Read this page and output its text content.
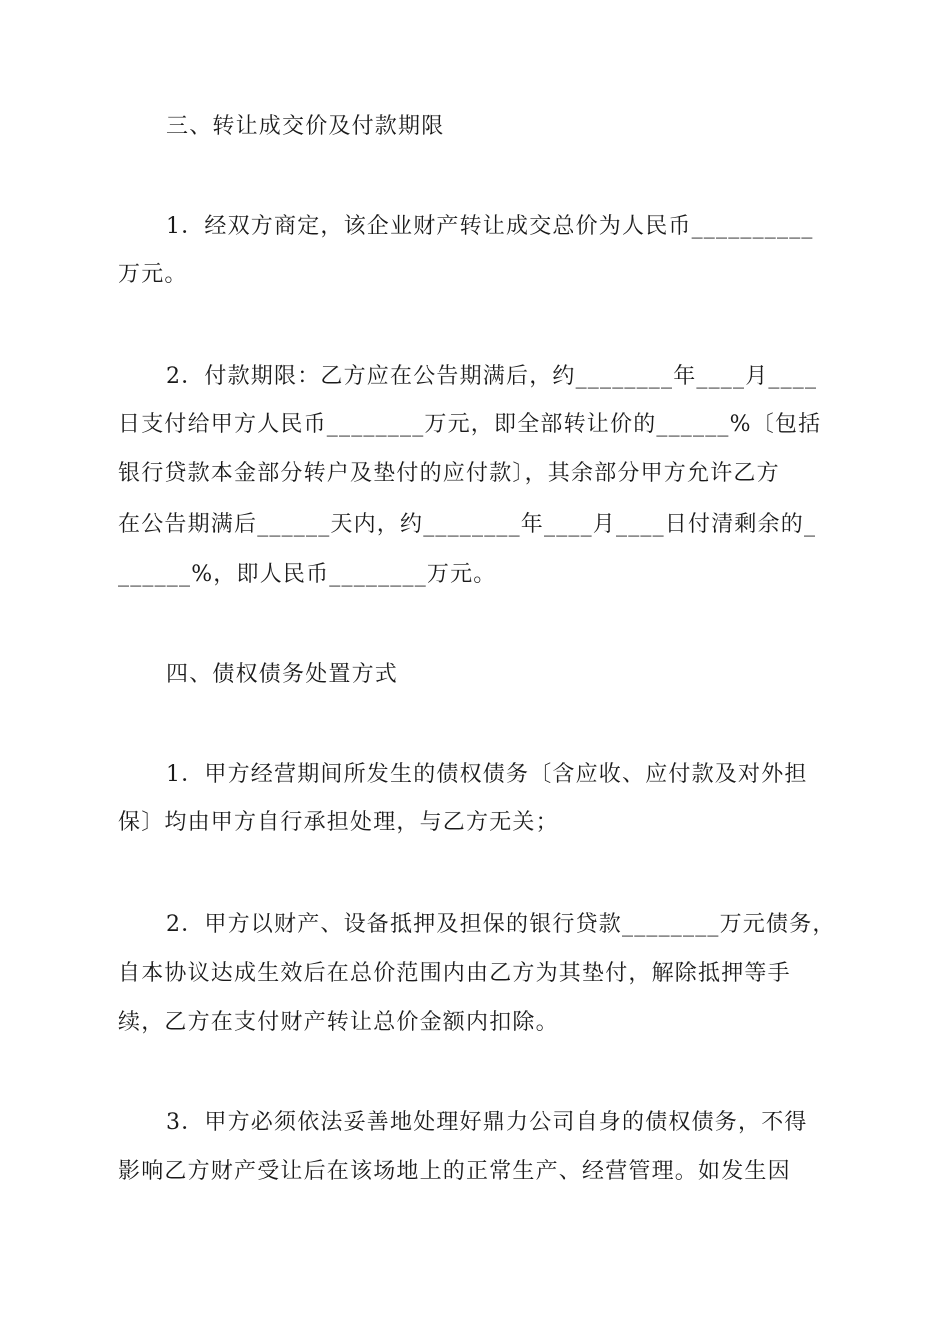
三、转让成交价及付款期限
1．经双方商定，该企业财产转让成交总价为人民币__________
万元。
2．付款期限：乙方应在公告期满后，约________年____月____
日支付给甲方人民币________万元，即全部转让价的______%〔包括
银行贷款本金部分转户及垫付的应付款〕，其余部分甲方允许乙方
在公告期满后______天内，约________年____月____日付清剩余的_
______%，即人民币________万元。
四、债权债务处置方式
1．甲方经营期间所发生的债权债务〔含应收、应付款及对外担
保〕均由甲方自行承担处理，与乙方无关；
2．甲方以财产、设备抵押及担保的银行贷款________万元债务，
自本协议达成生效后在总价范围内由乙方为其垫付，解除抵押等手
续，乙方在支付财产转让总价金额内扣除。
3．甲方必须依法妥善地处理好鼎力公司自身的债权债务，不得
影响乙方财产受让后在该场地上的正常生产、经营管理。如发生因
